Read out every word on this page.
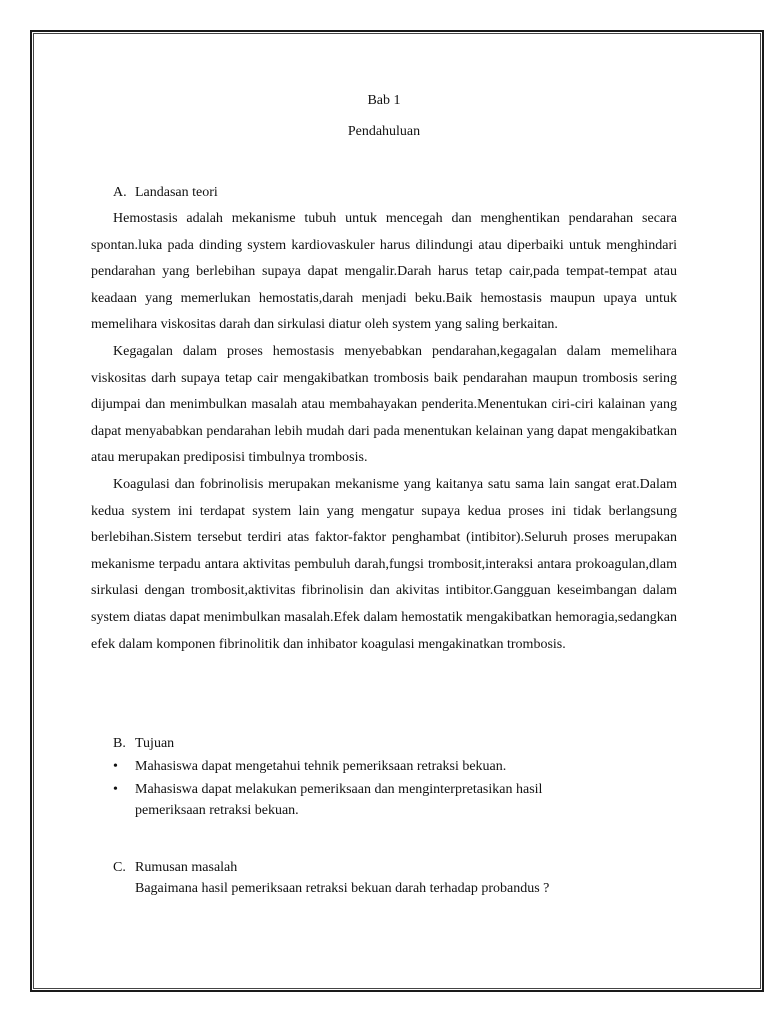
Bab 1
Pendahuluan
A. Landasan teori

Hemostasis adalah mekanisme tubuh untuk mencegah dan menghentikan pendarahan secara spontan.luka pada dinding system kardiovaskuler harus dilindungi atau diperbaiki untuk menghindari pendarahan yang berlebihan supaya dapat mengalir.Darah harus tetap cair,pada tempat-tempat atau keadaan yang memerlukan hemostatis,darah menjadi beku.Baik hemostasis maupun upaya untuk memelihara viskositas darah dan sirkulasi diatur oleh system yang saling berkaitan.

Kegagalan dalam proses hemostasis menyebabkan pendarahan,kegagalan dalam memelihara viskositas darh supaya tetap cair mengakibatkan trombosis baik pendarahan maupun trombosis sering dijumpai dan menimbulkan masalah atau membahayakan penderita.Menentukan ciri-ciri kalainan yang dapat menyababkan pendarahan lebih mudah dari pada menentukan kelainan yang dapat mengakibatkan atau merupakan prediposisi timbulnya trombosis.

Koagulasi dan fobrinolisis merupakan mekanisme yang kaitanya satu sama lain sangat erat.Dalam kedua system ini terdapat system lain yang mengatur supaya kedua proses ini tidak berlangsung berlebihan.Sistem tersebut terdiri atas faktor-faktor penghambat (intibitor).Seluruh proses merupakan mekanisme terpadu antara aktivitas pembuluh darah,fungsi trombosit,interaksi antara prokoagulan,dlam sirkulasi dengan trombosit,aktivitas fibrinolisin dan akivitas intibitor.Gangguan keseimbangan dalam system diatas dapat menimbulkan masalah.Efek dalam hemostatik mengakibatkan hemoragia,sedangkan efek dalam komponen fibrinolitik dan inhibator koagulasi mengakinatkan trombosis.

B. Tujuan
• Mahasiswa dapat mengetahui tehnik pemeriksaan retraksi bekuan.
• Mahasiswa dapat melakukan pemeriksaan dan menginterpretasikan hasil pemeriksaan retraksi bekuan.
C. Rumusan masalah
Bagaimana hasil pemeriksaan retraksi bekuan darah terhadap probandus ?
